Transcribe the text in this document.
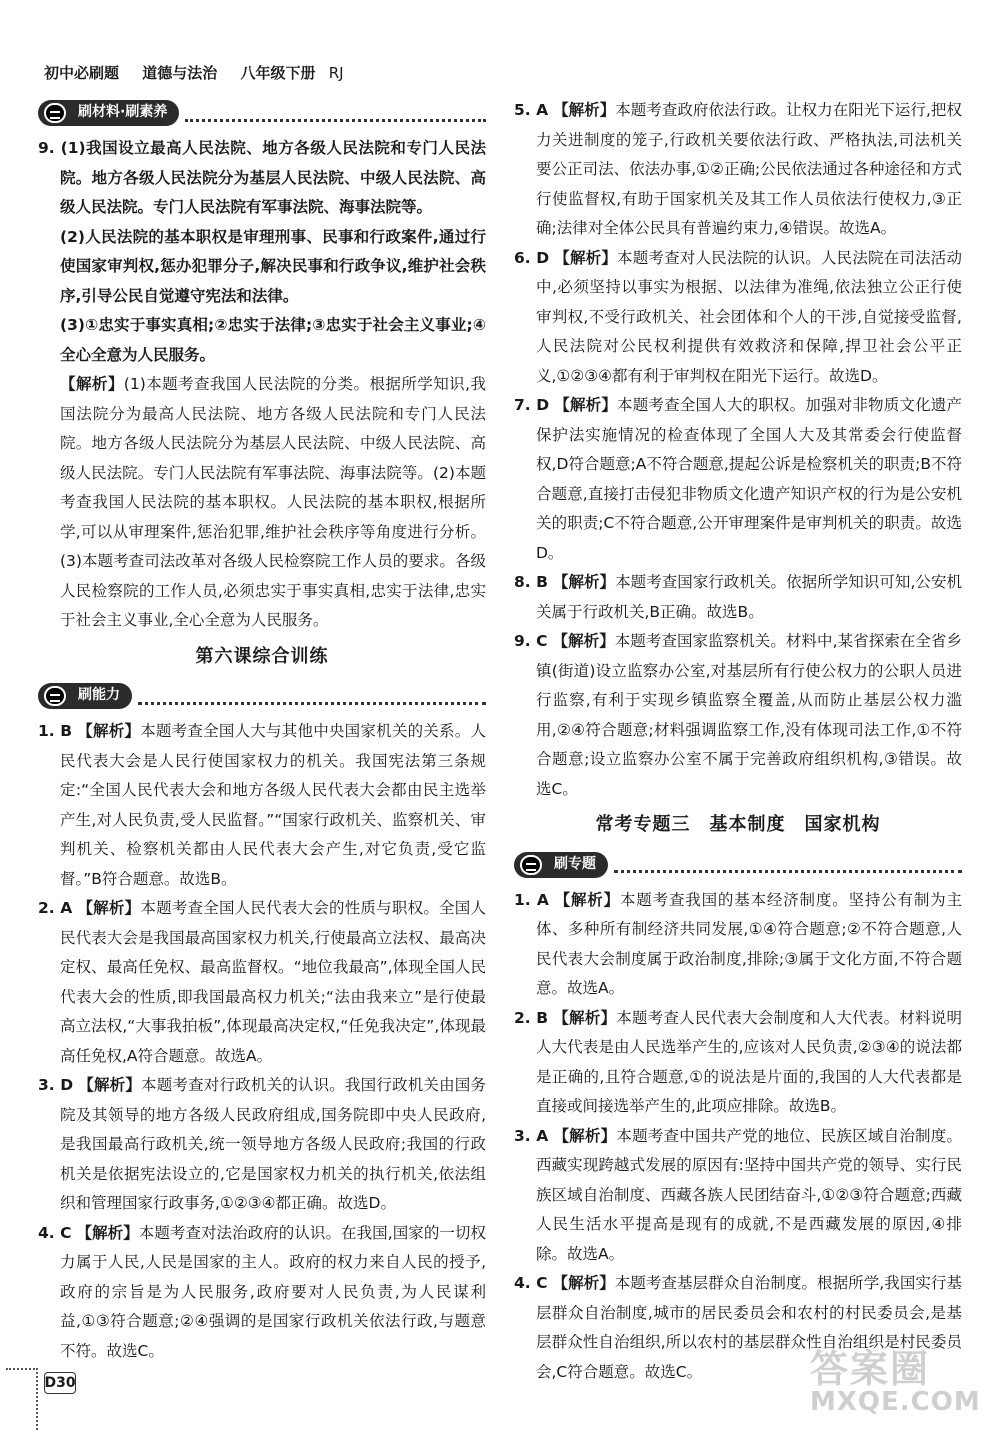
初中必刷题 道德与法治 八年级下册 RJ
刷材料·刷素养

9. (1)我国设立最高人民法院、地方各级人民法院和专门人民法院。地方各级人民法院分为基层人民法院、中级人民法院、高级人民法院。专门人民法院有军事法院、海事法院等。

(2)人民法院的基本职权是审理刑事、民事和行政案件,通过行使国家审判权,惩办犯罪分子,解决民事和行政争议,维护社会秩序,引导公民自觉遵守宪法和法律。

(3)①忠实于事实真相;②忠实于法律;③忠实于社会主义事业;④全心全意为人民服务。

【解析】(1)本题考查我国人民法院的分类。根据所学知识,我国法院分为最高人民法院、地方各级人民法院和专门人民法院。地方各级人民法院分为基层人民法院、中级人民法院、高级人民法院。专门人民法院有军事法院、海事法院等。(2)本题考查我国人民法院的基本职权。人民法院的基本职权,根据所学,可以从审理案件,惩治犯罪,维护社会秩序等角度进行分析。(3)本题考查司法改革对各级人民检察院工作人员的要求。各级人民检察院的工作人员,必须忠实于事实真相,忠实于法律,忠实于社会主义事业,全心全意为人民服务。

第六课综合训练
刷能力

1. B 【解析】本题考查全国人大与其他中央国家机关的关系。人民代表大会是人民行使国家权力的机关。我国宪法第三条规定:“全国人民代表大会和地方各级人民代表大会都由民主选举产生,对人民负责,受人民监督。”“国家行政机关、监察机关、审判机关、检察机关都由人民代表大会产生,对它负责,受它监督。”B符合题意。故选B。

2. A 【解析】本题考查全国人民代表大会的性质与职权。全国人民代表大会是我国最高国家权力机关,行使最高立法权、最高决定权、最高任免权、最高监督权。“地位我最高”,体现全国人民代表大会的性质,即我国最高权力机关;“法由我来立”是行使最高立法权,“大事我拍板”,体现最高决定权,“任免我决定”,体现最高任免权,A符合题意。故选A。

3. D 【解析】本题考查对行政机关的认识。我国行政机关由国务院及其领导的地方各级人民政府组成,国务院即中央人民政府,是我国最高行政机关,统一领导地方各级人民政府;我国的行政机关是依据宪法设立的,它是国家权力机关的执行机关,依法组织和管理国家行政事务,①②③④都正确。故选D。

4. C 【解析】本题考查对法治政府的认识。在我国,国家的一切权力属于人民,人民是国家的主人。政府的权力来自人民的授予,政府的宗旨是为人民服务,政府要对人民负责,为人民谋利益,①③符合题意;②④强调的是国家行政机关依法行政,与题意不符。故选C。

5. A 【解析】本题考查政府依法行政。让权力在阳光下运行,把权力关进制度的笼子,行政机关要依法行政、严格执法,司法机关要公正司法、依法办事,①②正确;公民依法通过各种途径和方式行使监督权,有助于国家机关及其工作人员依法行使权力,③正确;法律对全体公民具有普遍约束力,④错误。故选A。

6. D 【解析】本题考查对人民法院的认识。人民法院在司法活动中,必须坚持以事实为根据、以法律为准绳,依法独立公正行使审判权,不受行政机关、社会团体和个人的干涉,自觉接受监督,人民法院对公民权利提供有效救济和保障,捍卫社会公平正义,①②③④都有利于审判权在阳光下运行。故选D。

7. D 【解析】本题考查全国人大的职权。加强对非物质文化遗产保护法实施情况的检查体现了全国人大及其常委会行使监督权,D符合题意;A不符合题意,提起公诉是检察机关的职责;B不符合题意,直接打击侵犯非物质文化遗产知识产权的行为是公安机关的职责;C不符合题意,公开审理案件是审判机关的职责。故选D。

8. B 【解析】本题考查国家行政机关。依据所学知识可知,公安机关属于行政机关,B正确。故选B。

9. C 【解析】本题考查国家监察机关。材料中,某省探索在全省乡镇(街道)设立监察办公室,对基层所有行使公权力的公职人员进行监察,有利于实现乡镇监察全覆盖,从而防止基层公权力滥用,②④符合题意;材料强调监察工作,没有体现司法工作,①不符合题意;设立监察办公室不属于完善政府组织机构,③错误。故选C。

常考专题三　基本制度　国家机构
刷专题

1. A 【解析】本题考查我国的基本经济制度。坚持公有制为主体、多种所有制经济共同发展,①④符合题意;②不符合题意,人民代表大会制度属于政治制度,排除;③属于文化方面,不符合题意。故选A。

2. B 【解析】本题考查人民代表大会制度和人大代表。材料说明人大代表是由人民选举产生的,应该对人民负责,②③④的说法都是正确的,且符合题意,①的说法是片面的,我国的人大代表都是直接或间接选举产生的,此项应排除。故选B。

3. A 【解析】本题考查中国共产党的地位、民族区域自治制度。西藏实现跨越式发展的原因有:坚持中国共产党的领导、实行民族区域自治制度、西藏各族人民团结奋斗,①②③符合题意;西藏人民生活水平提高是现有的成就,不是西藏发展的原因,④排除。故选A。

4. C 【解析】本题考查基层群众自治制度。根据所学,我国实行基层群众自治制度,城市的居民委员会和农村的村民委员会,是基层群众性自治组织,所以农村的基层群众性自治组织是村民委员会,C符合题意。故选C。

D30	答案圈
MXQE.COM
